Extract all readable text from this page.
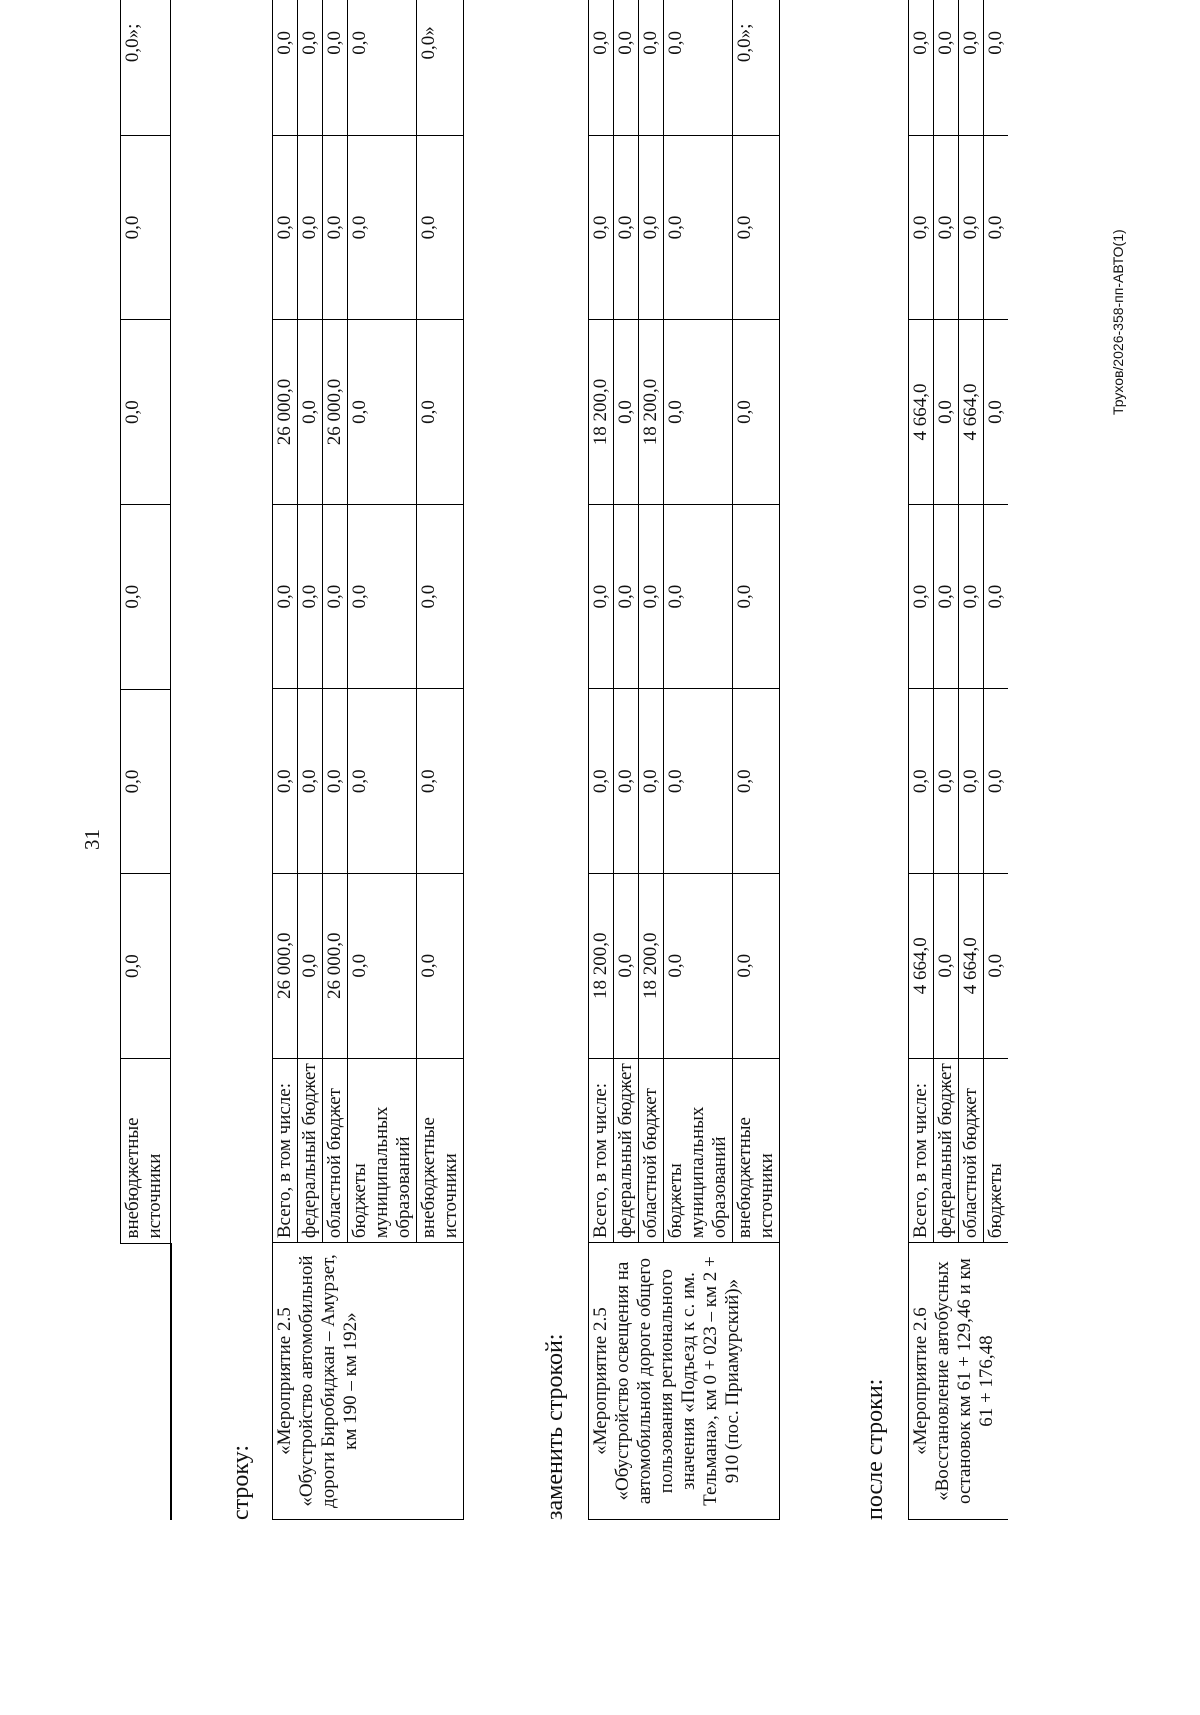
31
	внебюджетные источники	0,0	0,0	0,0	0,0	0,0	0,0»;
строку:
«Мероприятие 2.5 «Обустройство автомобильной дороги Биробиджан – Амурзет, км 190 – км 192»	Всего, в том числе:	26 000,0	0,0	0,0	26 000,0	0,0	0,0
	федеральный бюджет	0,0	0,0	0,0	0,0	0,0	0,0
	областной бюджет	26 000,0	0,0	0,0	26 000,0	0,0	0,0
	бюджеты муниципальных образований	0,0	0,0	0,0	0,0	0,0	0,0
	внебюджетные источники	0,0	0,0	0,0	0,0	0,0	0,0»
заменить строкой: «Мероприятие 2.5 «Обустройство освещения на автомобильной дороге общего пользования регионального значения «Подъезд к с. им. Тельмана», км 0 + 023 – км 2 + 910 (пос. Приамурский)»	Всего, в том числе:	18 200,0	0,0	0,0	18 200,0	0,0	0,0
	федеральный бюджет	0,0	0,0	0,0	0,0	0,0	0,0
	областной бюджет	18 200,0	0,0	0,0	18 200,0	0,0	0,0
	бюджеты муниципальных образований	0,0	0,0	0,0	0,0	0,0	0,0
	внебюджетные источники	0,0	0,0	0,0	0,0	0,0	0,0»;
после строки: «Мероприятие 2.6 «Восстановление автобусных остановок км 61 + 129,46 и км 61 + 176,48	Всего, в том числе:	4 664,0	0,0	0,0	4 664,0	0,0	0,0
	федеральный бюджет	0,0	0,0	0,0	0,0	0,0	0,0
	областной бюджет	4 664,0	0,0	0,0	4 664,0	0,0	0,0
	бюджеты	0,0	0,0	0,0	0,0	0,0	0,0
Трухов/2026-358-пп-АВТО(1)
